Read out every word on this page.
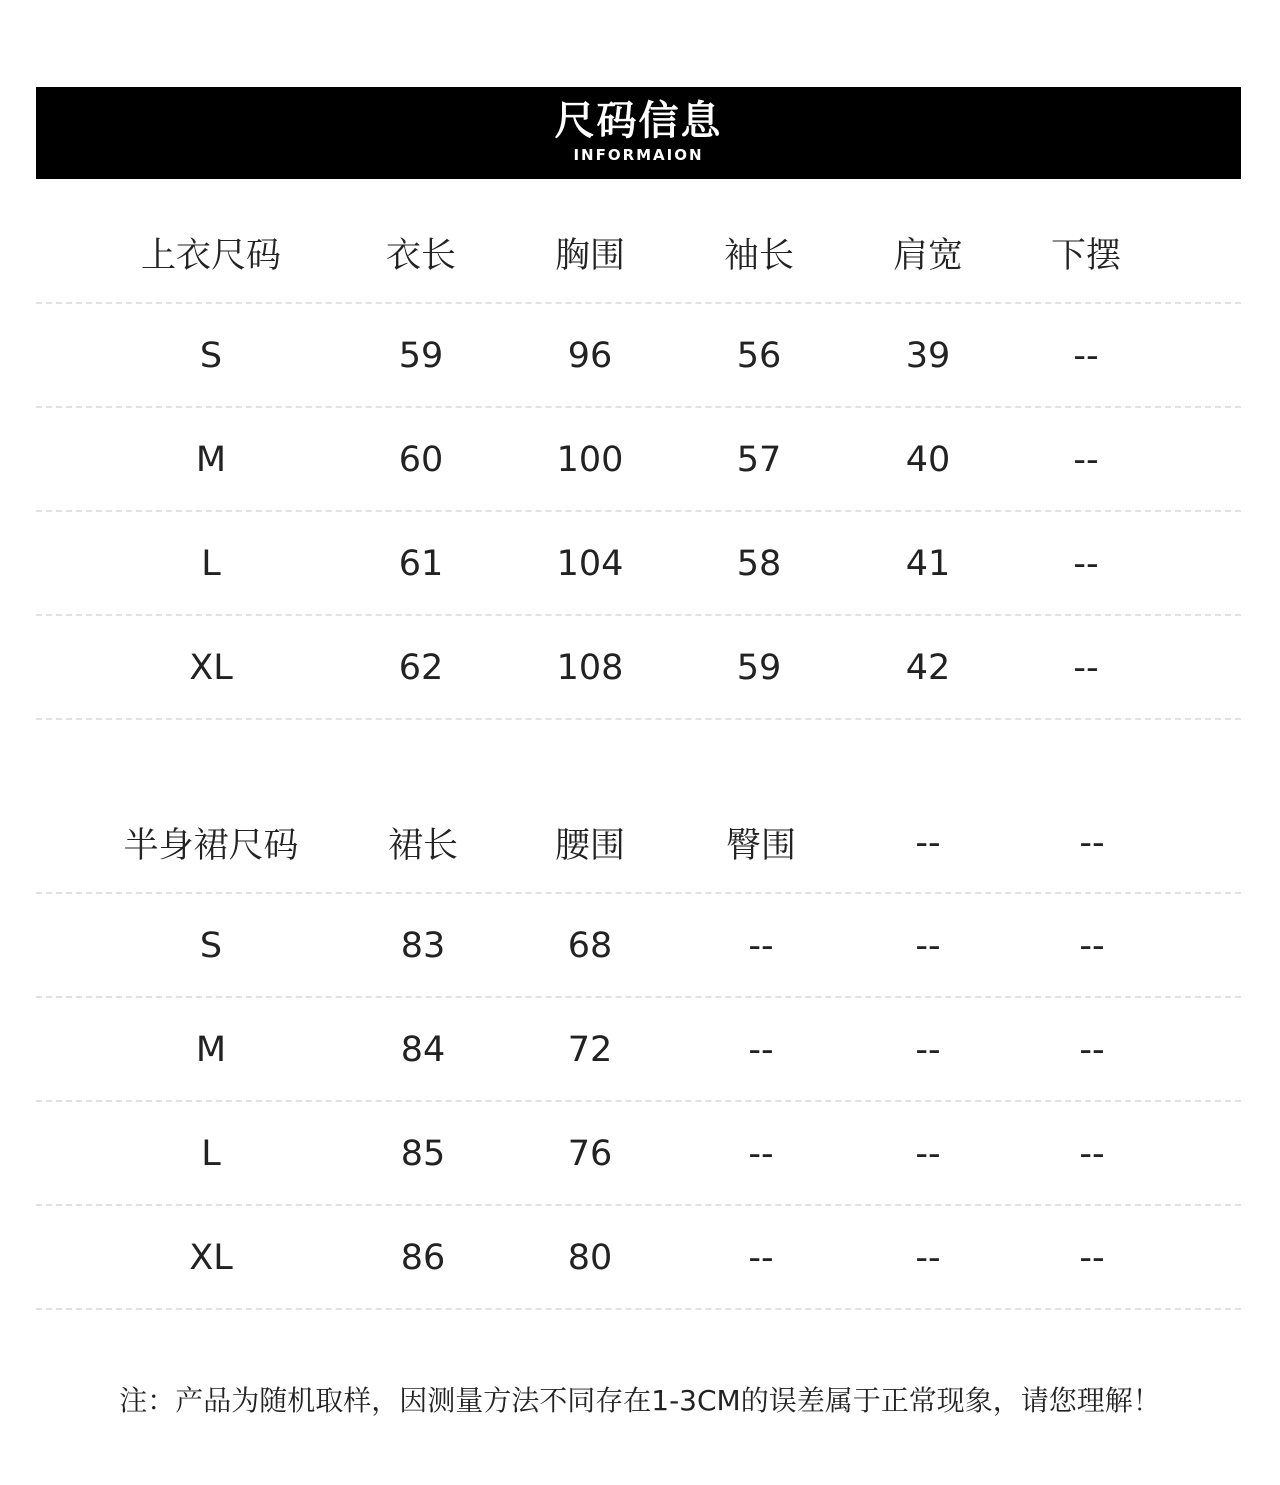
尺码信息
INFORMAION
上衣尺码	衣长	胸围	袖长	肩宽	下摆
S	59	96	56	39	--
M	60	100	57	40	--
L	61	104	58	41	--
XL	62	108	59	42	--
半身裙尺码	裙长	腰围	臀围	--	--
S	83	68	--	--	--
M	84	72	--	--	--
L	85	76	--	--	--
XL	86	80	--	--	--
注：产品为随机取样，因测量方法不同存在1-3CM的误差属于正常现象，请您理解！
